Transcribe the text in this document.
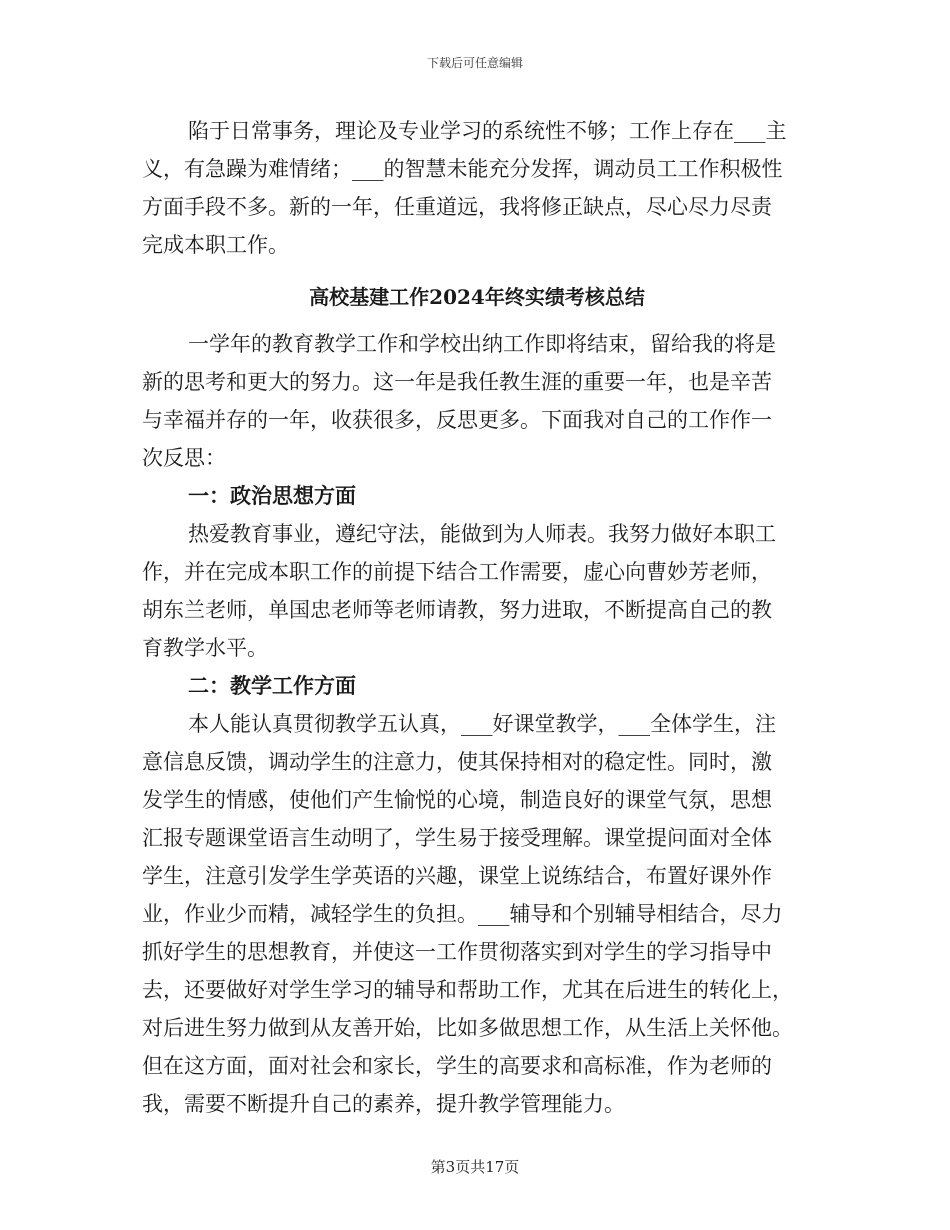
下载后可任意编辑
陷于日常事务，理论及专业学习的系统性不够；工作上存在___主
义，有急躁为难情绪；___的智慧未能充分发挥，调动员工工作积极性
方面手段不多。新的一年，任重道远，我将修正缺点，尽心尽力尽责
完成本职工作。
高校基建工作2024年终实绩考核总结
一学年的教育教学工作和学校出纳工作即将结束，留给我的将是
新的思考和更大的努力。这一年是我任教生涯的重要一年，也是辛苦
与幸福并存的一年，收获很多，反思更多。下面我对自己的工作作一
次反思：
一：政治思想方面
热爱教育事业，遵纪守法，能做到为人师表。我努力做好本职工
作，并在完成本职工作的前提下结合工作需要，虚心向曹妙芳老师，
胡东兰老师，单国忠老师等老师请教，努力进取，不断提高自己的教
育教学水平。
二：教学工作方面
本人能认真贯彻教学五认真，___好课堂教学，___全体学生，注
意信息反馈，调动学生的注意力，使其保持相对的稳定性。同时，激
发学生的情感，使他们产生愉悦的心境，制造良好的课堂气氛，思想
汇报专题课堂语言生动明了，学生易于接受理解。课堂提问面对全体
学生，注意引发学生学英语的兴趣，课堂上说练结合，布置好课外作
业，作业少而精，减轻学生的负担。___辅导和个别辅导相结合，尽力
抓好学生的思想教育，并使这一工作贯彻落实到对学生的学习指导中
去，还要做好对学生学习的辅导和帮助工作，尤其在后进生的转化上，
对后进生努力做到从友善开始，比如多做思想工作，从生活上关怀他。
但在这方面，面对社会和家长，学生的高要求和高标准，作为老师的
我，需要不断提升自己的素养，提升教学管理能力。
第3页共17页
